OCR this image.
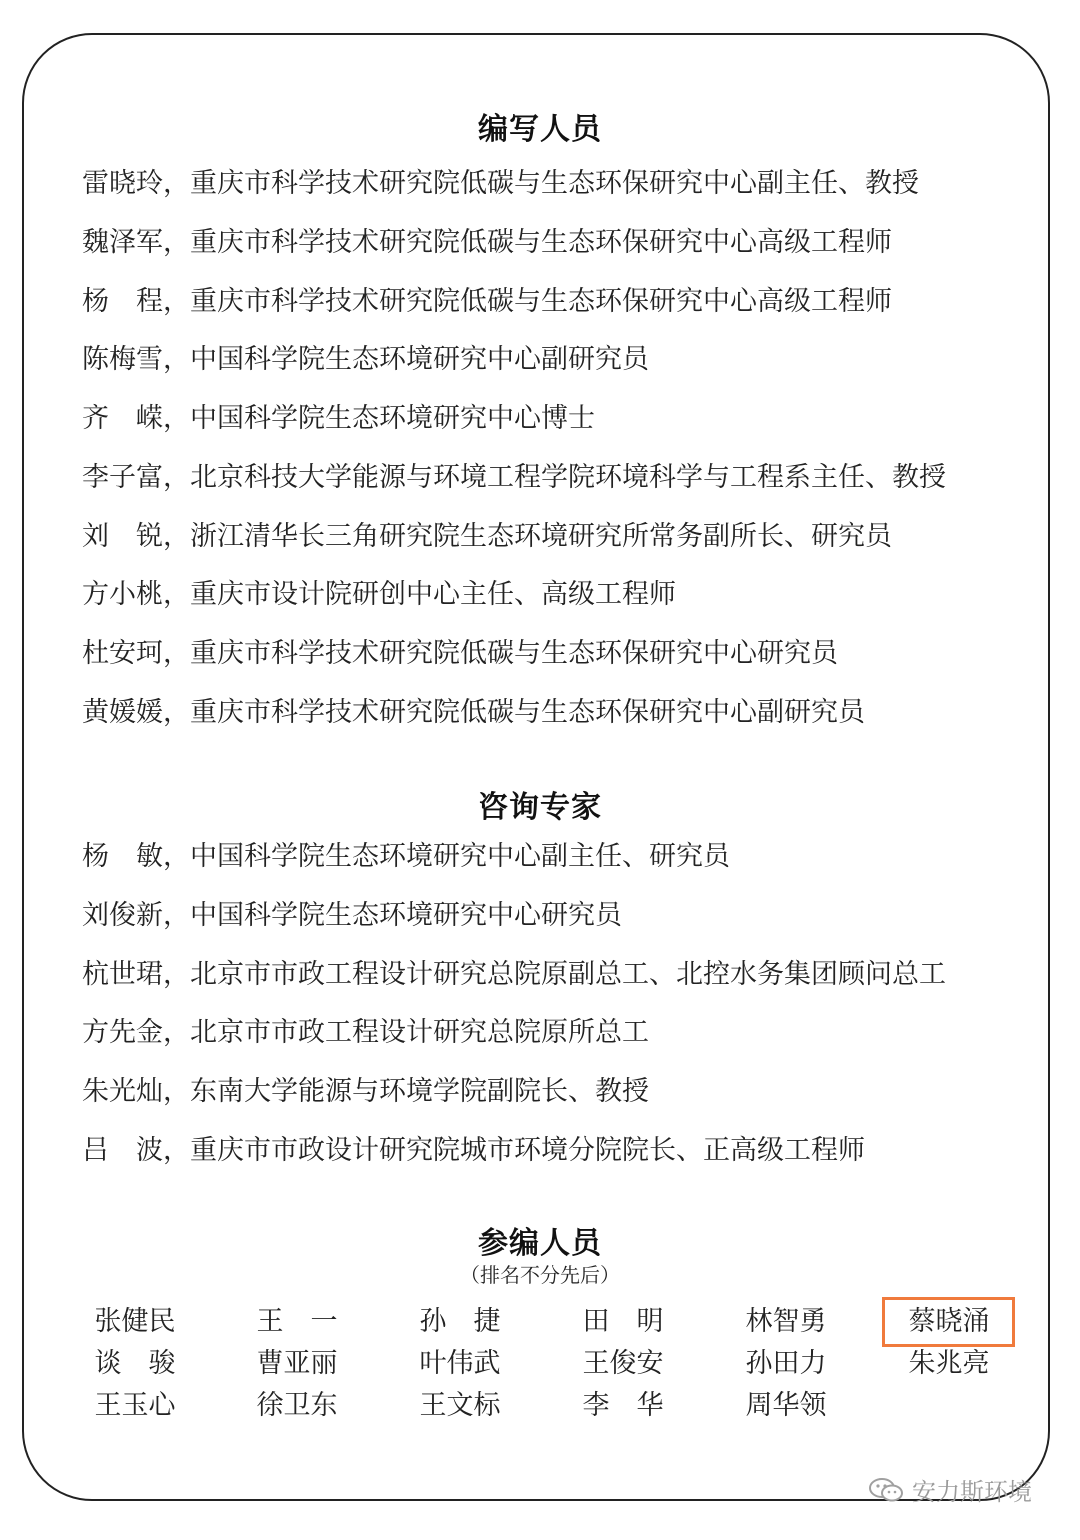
编写人员
雷晓玲，重庆市科学技术研究院低碳与生态环保研究中心副主任、教授
魏泽军，重庆市科学技术研究院低碳与生态环保研究中心高级工程师
杨　程，重庆市科学技术研究院低碳与生态环保研究中心高级工程师
陈梅雪，中国科学院生态环境研究中心副研究员
齐　嵘，中国科学院生态环境研究中心博士
李子富，北京科技大学能源与环境工程学院环境科学与工程系主任、教授
刘　锐，浙江清华长三角研究院生态环境研究所常务副所长、研究员
方小桃，重庆市设计院研创中心主任、高级工程师
杜安珂，重庆市科学技术研究院低碳与生态环保研究中心研究员
黄媛媛，重庆市科学技术研究院低碳与生态环保研究中心副研究员
杨　敏，中国科学院生态环境研究中心副主任、研究员
刘俊新，中国科学院生态环境研究中心研究员
杭世珺，北京市市政工程设计研究总院原副总工、北控水务集团顾问总工
方先金，北京市市政工程设计研究总院原所总工
朱光灿，东南大学能源与环境学院副院长、教授
吕　波，重庆市市政设计研究院城市环境分院院长、正高级工程师
咨询专家
参编人员
（排名不分先后）
张健民	王　一	孙　捷	田　明	林智勇	蔡晓涌
谈　骏	曹亚丽	叶伟武	王俊安	孙田力	朱兆亮
王玉心	徐卫东	王文标	李　华	周华领
安力斯环境
